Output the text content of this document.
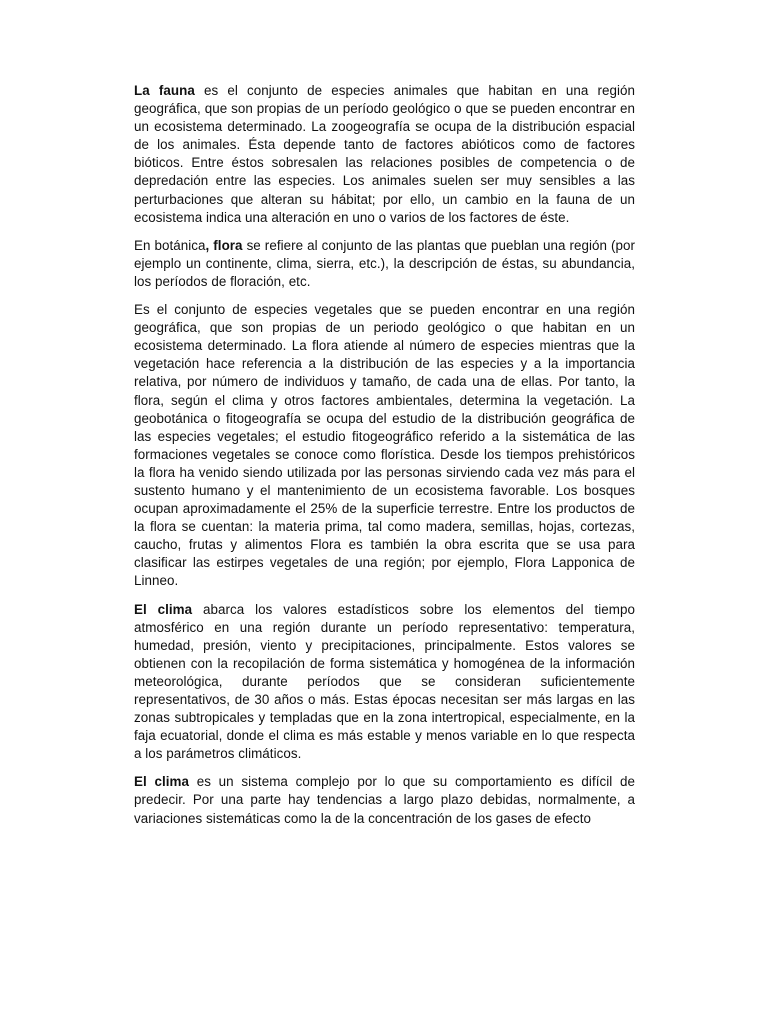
La fauna es el conjunto de especies animales que habitan en una región geográfica, que son propias de un período geológico o que se pueden encontrar en un ecosistema determinado. La zoogeografía se ocupa de la distribución espacial de los animales. Ésta depende tanto de factores abióticos como de factores bióticos. Entre éstos sobresalen las relaciones posibles de competencia o de depredación entre las especies. Los animales suelen ser muy sensibles a las perturbaciones que alteran su hábitat; por ello, un cambio en la fauna de un ecosistema indica una alteración en uno o varios de los factores de éste.

En botánica, flora se refiere al conjunto de las plantas que pueblan una región (por ejemplo un continente, clima, sierra, etc.), la descripción de éstas, su abundancia, los períodos de floración, etc.

Es el conjunto de especies vegetales que se pueden encontrar en una región geográfica, que son propias de un periodo geológico o que habitan en un ecosistema determinado. La flora atiende al número de especies mientras que la vegetación hace referencia a la distribución de las especies y a la importancia relativa, por número de individuos y tamaño, de cada una de ellas. Por tanto, la flora, según el clima y otros factores ambientales, determina la vegetación. La geobotánica o fitogeografía se ocupa del estudio de la distribución geográfica de las especies vegetales; el estudio fitogeográfico referido a la sistemática de las formaciones vegetales se conoce como florística. Desde los tiempos prehistóricos la flora ha venido siendo utilizada por las personas sirviendo cada vez más para el sustento humano y el mantenimiento de un ecosistema favorable. Los bosques ocupan aproximadamente el 25% de la superficie terrestre. Entre los productos de la flora se cuentan: la materia prima, tal como madera, semillas, hojas, cortezas, caucho, frutas y alimentos Flora es también la obra escrita que se usa para clasificar las estirpes vegetales de una región; por ejemplo, Flora Lapponica de Linneo.

El clima abarca los valores estadísticos sobre los elementos del tiempo atmosférico en una región durante un período representativo: temperatura, humedad, presión, viento y precipitaciones, principalmente. Estos valores se obtienen con la recopilación de forma sistemática y homogénea de la información meteorológica, durante períodos que se consideran suficientemente representativos, de 30 años o más. Estas épocas necesitan ser más largas en las zonas subtropicales y templadas que en la zona intertropical, especialmente, en la faja ecuatorial, donde el clima es más estable y menos variable en lo que respecta a los parámetros climáticos.

El clima es un sistema complejo por lo que su comportamiento es difícil de predecir. Por una parte hay tendencias a largo plazo debidas, normalmente, a variaciones sistemáticas como la de la concentración de los gases de efecto
